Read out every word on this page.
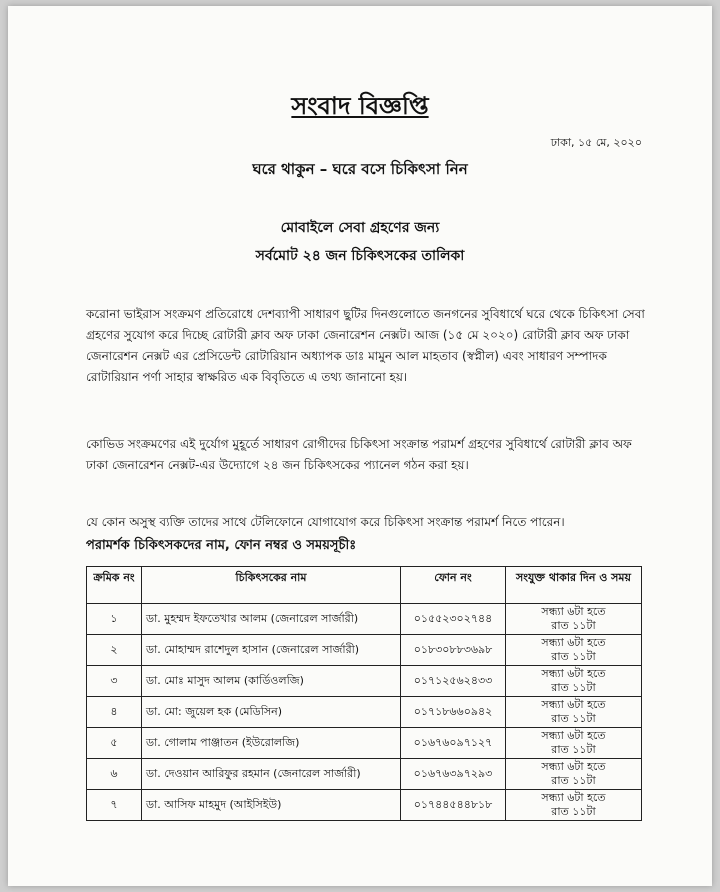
সংবাদ বিজ্ঞপ্তি
ঢাকা, ১৫ মে, ২০২০
ঘরে থাকুন – ঘরে বসে চিকিৎসা নিন
মোবাইলে সেবা গ্রহণের জন্য
সর্বমোট ২৪ জন চিকিৎসকের তালিকা
করোনা ভাইরাস সংক্রমণ প্রতিরোধে দেশব্যাপী সাধারণ ছুটির দিনগুলোতে জনগনের সুবিধার্থে ঘরে থেকে চিকিৎসা সেবা গ্রহণের সুযোগ করে দিচ্ছে রোটারী ক্লাব অফ ঢাকা জেনারেশন নেক্সট। আজ (১৫ মে ২০২০) রোটারী ক্লাব অফ ঢাকা জেনারেশন নেক্সট এর প্রেসিডেন্ট রোটারিয়ান অধ্যাপক ডাঃ মামুন আল মাহতাব (স্বপ্নীল) এবং সাধারণ সম্পাদক রোটারিয়ান পর্ণা সাহার স্বাক্ষরিত এক বিবৃতিতে এ তথ্য জানানো হয়।
কোভিড সংক্রমণের এই দুর্যোগ মুহূর্তে সাধারণ রোগীদের চিকিৎসা সংক্রান্ত পরামর্শ গ্রহণের সুবিধার্থে রোটারী ক্লাব অফ ঢাকা জেনারেশন নেক্সট-এর উদ্যোগে ২৪ জন চিকিৎসকের প্যানেল গঠন করা হয়।
যে কোন অসুস্থ ব্যক্তি তাদের সাথে টেলিফোনে যোগাযোগ করে চিকিৎসা সংক্রান্ত পরামর্শ নিতে পারেন।
পরামর্শক চিকিৎসকদের নাম, ফোন নম্বর ও সময়সূচীঃ
ক্রমিক নং	চিকিৎসকের নাম	ফোন নং	সংযুক্ত থাকার দিন ও সময়
১	ডা. মুহম্মদ ইফতেখার আলম (জেনারেল সার্জারী)	০১৫৫২৩০২৭৪৪	সন্ধ্যা ৬টা হতে
রাত ১১টা

২	ডা. মোহাম্মদ রাশেদুল হাসান (জেনারেল সার্জারী)	০১৮৩০৮৮৩৬৯৮	সন্ধ্যা ৬টা হতে
রাত ১১টা

৩	ডা. মোঃ মাসুদ আলম (কার্ডিওলজি)	০১৭১২৫৬২৪৩৩	সন্ধ্যা ৬টা হতে
রাত ১১টা

৪	ডা. মো: জুয়েল হক (মেডিসিন)	০১৭১৮৬৬০৯৪২	সন্ধ্যা ৬টা হতে
রাত ১১টা

৫	ডা. গোলাম পাঞ্জাতন (ইউরোলজি)	০১৬৭৬০৯৭১২৭	সন্ধ্যা ৬টা হতে
রাত ১১টা

৬	ডা. দেওয়ান আরিফুর রহমান (জেনারেল সার্জারী)	০১৬৭৬৩৯৭২৯৩	সন্ধ্যা ৬টা হতে
রাত ১১টা

৭	ডা. আসিফ মাহমুদ (আইসিইউ)	০১৭৪৪৫৪৪৮১৮	সন্ধ্যা ৬টা হতে
রাত ১১টা
